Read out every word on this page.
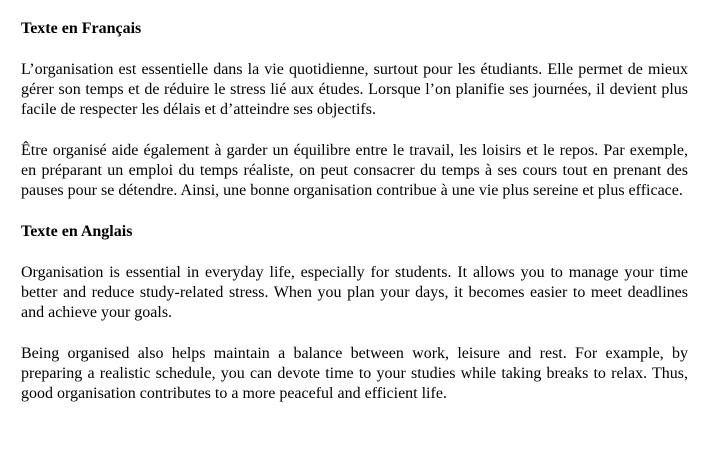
Texte en Français

L’organisation est essentielle dans la vie quotidienne, surtout pour les étudiants. Elle permet de mieux gérer son temps et de réduire le stress lié aux études. Lorsque l’on planifie ses journées, il devient plus facile de respecter les délais et d’atteindre ses objectifs.

Être organisé aide également à garder un équilibre entre le travail, les loisirs et le repos. Par exemple, en préparant un emploi du temps réaliste, on peut consacrer du temps à ses cours tout en prenant des pauses pour se détendre. Ainsi, une bonne organisation contribue à une vie plus sereine et plus efficace.

Texte en Anglais

Organisation is essential in everyday life, especially for students. It allows you to manage your time better and reduce study-related stress. When you plan your days, it becomes easier to meet deadlines and achieve your goals.

Being organised also helps maintain a balance between work, leisure and rest. For example, by preparing a realistic schedule, you can devote time to your studies while taking breaks to relax. Thus, good organisation contributes to a more peaceful and efficient life.
